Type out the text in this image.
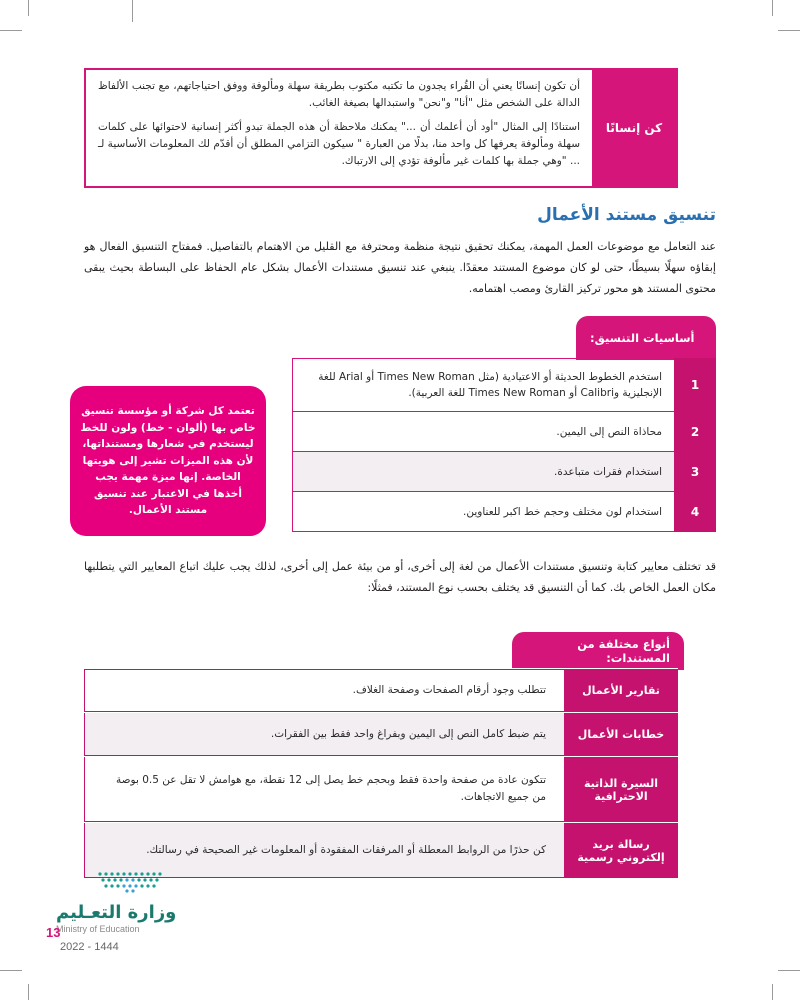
كن إنسانًا

أن تكون إنسانًا يعني أن القُراء يجدون ما تكتبه مكتوب بطريقة سهلة ومألوفة ووفق احتياجاتهم، مع تجنب الألفاظ الدالة على الشخص مثل "أنا" و"نحن" واستبدالها بصيغة الغائب.

استنادًا إلى المثال "أود أن أعلمك أن ..." يمكنك ملاحظة أن هذه الجملة تبدو أكثر إنسانية لاحتوائها على كلمات سهلة ومألوفة يعرفها كل واحد منا، بدلًا من العبارة " سيكون التزامي المطلق أن أقدّم لك المعلومات الأساسية لـ ... "وهي جملة بها كلمات غير مألوفة تؤدي إلى الارتباك.

تنسيق مستند الأعمال
عند التعامل مع موضوعات العمل المهمة، يمكنك تحقيق نتيجة منظمة ومحترفة مع القليل من الاهتمام بالتفاصيل. فمفتاح التنسيق الفعال هو إبقاؤه سهلًا بسيطًا، حتى لو كان موضوع المستند معقدًا. ينبغي عند تنسيق مستندات الأعمال بشكل عام الحفاظ على البساطة بحيث يبقى محتوى المستند هو محور تركيز القارئ ومصب اهتمامه.
أساسيات التنسيق:
1
استخدم الخطوط الحديثة أو الاعتيادية (مثل Times New Roman أو Arial للغة الإنجليزية وCalibri أو Times New Roman للغة العربية).
2
محاذاة النص إلى اليمين.
3
استخدام فقرات متباعدة.
4
استخدام لون مختلف وحجم خط اكبر للعناوين.
تعتمد كل شركة أو مؤسسة تنسيق خاص بها (ألوان - خط) ولون للخط ليستخدم في شعارها ومستنداتها، لأن هذه الميزات تشير إلى هويتها الخاصة. إنها ميزة مهمة يجب أخذها في الاعتبار عند تنسيق مستند الأعمال.
قد تختلف معايير كتابة وتنسيق مستندات الأعمال من لغة إلى أخرى، أو من بيئة عمل إلى أخرى، لذلك يجب عليك اتباع المعايير التي يتطلبها مكان العمل الخاص بك. كما أن التنسيق قد يختلف بحسب نوع المستند، فمثلًا:
أنواع مختلفة من المستندات:
تقارير الأعمال
تتطلب وجود أرقام الصفحات وصفحة الغلاف.
خطابات الأعمال
يتم ضبط كامل النص إلى اليمين وبفراغ واحد فقط بين الفقرات.
السيرة الذاتية الاحترافية
تتكون عادة من صفحة واحدة فقط وبحجم خط يصل إلى 12 نقطة، مع هوامش لا تقل عن 0.5 بوصة من جميع الاتجاهات.
رسالة بريد إلكتروني رسمية
كن حذرًا من الروابط المعطلة أو المرفقات المفقودة أو المعلومات غير الصحيحة في رسالتك.
وزارة التعـليم
Ministry of Education
13
2022 - 1444
